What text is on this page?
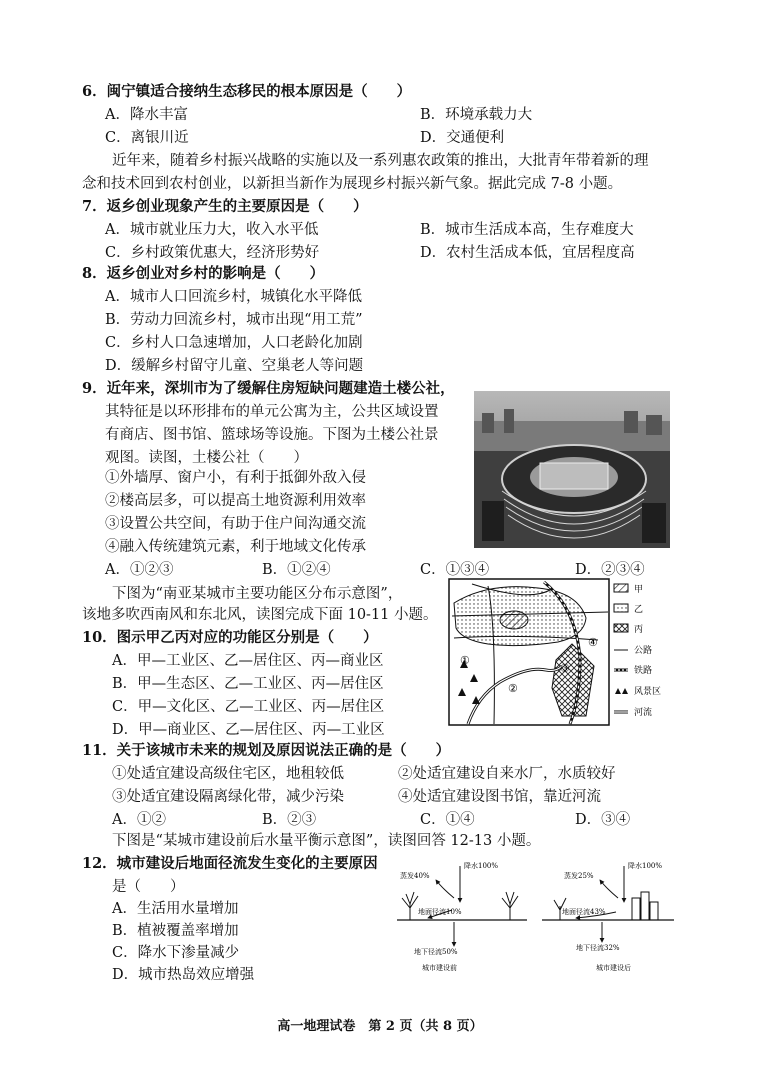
6．闽宁镇适合接纳生态移民的根本原因是（　　）
A．降水丰富	B．环境承载力大
C．离银川近	D．交通便利
近年来，随着乡村振兴战略的实施以及一系列惠农政策的推出，大批青年带着新的理
念和技术回到农村创业，以新担当新作为展现乡村振兴新气象。据此完成 7-8 小题。
7．返乡创业现象产生的主要原因是（　　）
A．城市就业压力大，收入水平低	B．城市生活成本高，生存难度大
C．乡村政策优惠大，经济形势好	D．农村生活成本低，宜居程度高
8．返乡创业对乡村的影响是（　　）
A．城市人口回流乡村，城镇化水平降低
B．劳动力回流乡村，城市出现“用工荒”
C．乡村人口急速增加，人口老龄化加剧
D．缓解乡村留守儿童、空巢老人等问题
9．近年来，深圳市为了缓解住房短缺问题建造土楼公社，
其特征是以环形排布的单元公寓为主，公共区域设置
有商店、图书馆、篮球场等设施。下图为土楼公社景
观图。读图，土楼公社（　　）
①外墙厚、窗户小，有利于抵御外敌入侵
②楼高层多，可以提高土地资源利用效率
③设置公共空间，有助于住户间沟通交流
④融入传统建筑元素，利于地域文化传承
A．①②③	B．①②④	C．①③④	D．②③④
下图为“南亚某城市主要功能区分布示意图”，
该地多吹西南风和东北风，读图完成下面 10-11 小题。
①
②
③
④
甲
乙
丙
公路
铁路
风景区
河流
10．图示甲乙丙对应的功能区分别是（　　）
A．甲—工业区、乙—居住区、丙—商业区
B．甲—生态区、乙—工业区、丙—居住区
C．甲—文化区、乙—工业区、丙—居住区
D．甲—商业区、乙—居住区、丙—工业区
11．关于该城市未来的规划及原因说法正确的是（　　）
①处适宜建设高级住宅区，地租较低	②处适宜建设自来水厂，水质较好
③处适宜建设隔离绿化带，减少污染	④处适宜建设图书馆，靠近河流
A．①②	B．②③	C．①④	D．③④
下图是“某城市建设前后水量平衡示意图”，读图回答 12-13 小题。
12．城市建设后地面径流发生变化的主要原因
是（　　）
A．生活用水量增加
B．植被覆盖率增加
C．降水下渗量减少
D．城市热岛效应增强
降水100%
蒸发40%
地面径流10%
地下径流50%
城市建设前
降水100%
蒸发25%
地面径流43%
地下径流32%
城市建设后
高一地理试卷　第 2 页（共 8 页）
